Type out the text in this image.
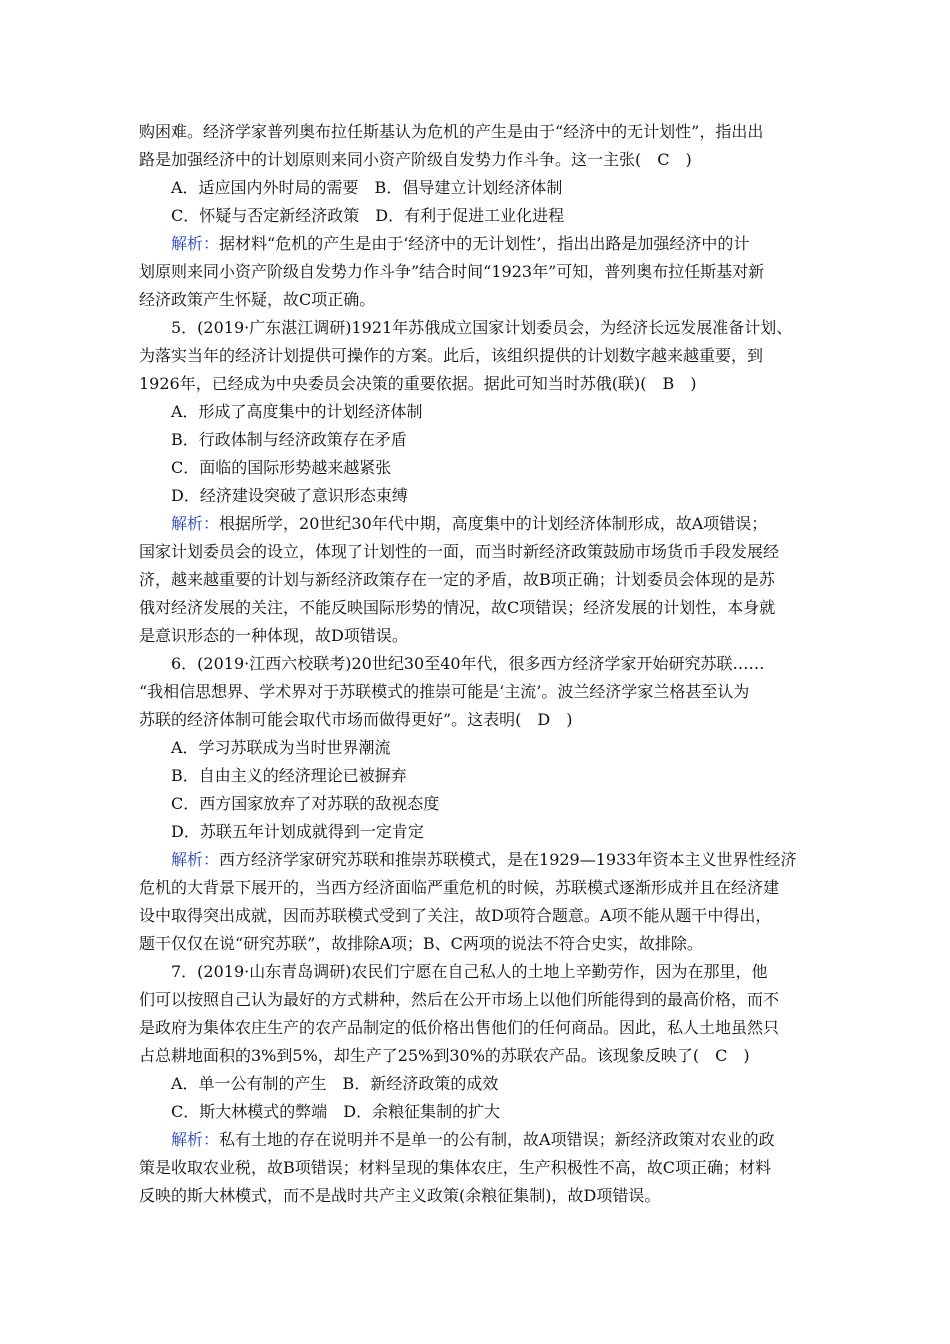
购困难。经济学家普列奥布拉任斯基认为危机的产生是由于“经济中的无计划性”，指出出
路是加强经济中的计划原则来同小资产阶级自发势力作斗争。这一主张(　C　)
A．适应国内外时局的需要　B．倡导建立计划经济体制
C．怀疑与否定新经济政策　D．有利于促进工业化进程
解析：据材料“危机的产生是由于‘经济中的无计划性’，指出出路是加强经济中的计
划原则来同小资产阶级自发势力作斗争”结合时间“1923年”可知，普列奥布拉任斯基对新
经济政策产生怀疑，故C项正确。
5．(2019·广东湛江调研)1921年苏俄成立国家计划委员会，为经济长远发展准备计划、
为落实当年的经济计划提供可操作的方案。此后，该组织提供的计划数字越来越重要，到
1926年，已经成为中央委员会决策的重要依据。据此可知当时苏俄(联)(　B　)
A．形成了高度集中的计划经济体制
B．行政体制与经济政策存在矛盾
C．面临的国际形势越来越紧张
D．经济建设突破了意识形态束缚
解析：根据所学，20世纪30年代中期，高度集中的计划经济体制形成，故A项错误；
国家计划委员会的设立，体现了计划性的一面，而当时新经济政策鼓励市场货币手段发展经
济，越来越重要的计划与新经济政策存在一定的矛盾，故B项正确；计划委员会体现的是苏
俄对经济发展的关注，不能反映国际形势的情况，故C项错误；经济发展的计划性，本身就
是意识形态的一种体现，故D项错误。
6．(2019·江西六校联考)20世纪30至40年代，很多西方经济学家开始研究苏联……
“我相信思想界、学术界对于苏联模式的推崇可能是‘主流’。波兰经济学家兰格甚至认为
苏联的经济体制可能会取代市场而做得更好”。这表明(　D　)
A．学习苏联成为当时世界潮流
B．自由主义的经济理论已被摒弃
C．西方国家放弃了对苏联的敌视态度
D．苏联五年计划成就得到一定肯定
解析：西方经济学家研究苏联和推崇苏联模式，是在1929—1933年资本主义世界性经济
危机的大背景下展开的，当西方经济面临严重危机的时候，苏联模式逐渐形成并且在经济建
设中取得突出成就，因而苏联模式受到了关注，故D项符合题意。A项不能从题干中得出，
题干仅仅在说“研究苏联”，故排除A项；B、C两项的说法不符合史实，故排除。
7．(2019·山东青岛调研)农民们宁愿在自己私人的土地上辛勤劳作，因为在那里，他
们可以按照自己认为最好的方式耕种，然后在公开市场上以他们所能得到的最高价格，而不
是政府为集体农庄生产的农产品制定的低价格出售他们的任何商品。因此，私人土地虽然只
占总耕地面积的3%到5%，却生产了25%到30%的苏联农产品。该现象反映了(　C　)
A．单一公有制的产生　B．新经济政策的成效
C．斯大林模式的弊端　D．余粮征集制的扩大
解析：私有土地的存在说明并不是单一的公有制，故A项错误；新经济政策对农业的政
策是收取农业税，故B项错误；材料呈现的集体农庄，生产积极性不高，故C项正确；材料
反映的斯大林模式，而不是战时共产主义政策(余粮征集制)，故D项错误。
